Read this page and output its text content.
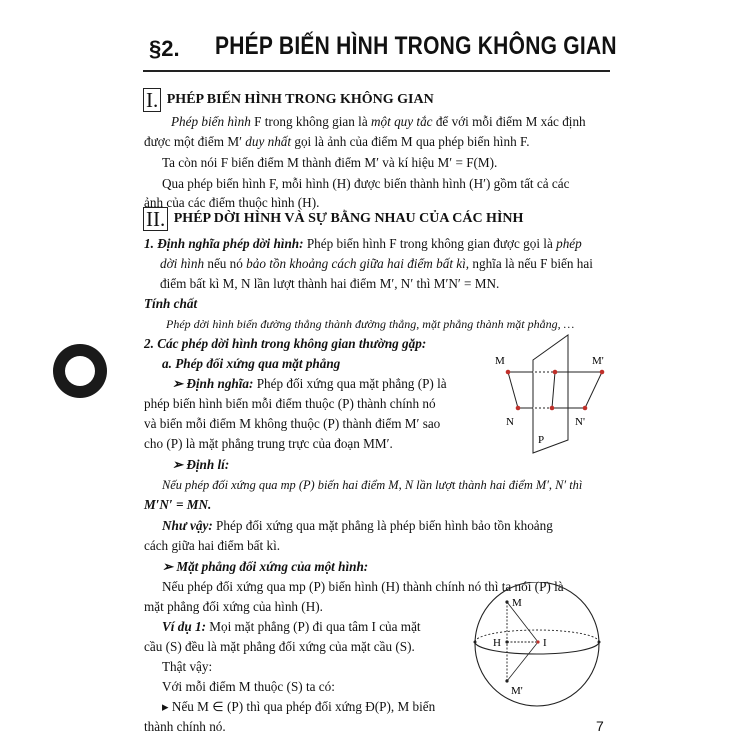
§2. PHÉP BIẾN HÌNH TRONG KHÔNG GIAN
I. PHÉP BIẾN HÌNH TRONG KHÔNG GIAN
Phép biến hình F trong không gian là một quy tắc để với mỗi điểm M xác định
được một điểm M′ duy nhất gọi là ảnh của điểm M qua phép biến hình F.
Ta còn nói F biến điểm M thành điểm M′ và kí hiệu M′ = F(M).
Qua phép biến hình F, mỗi hình (H) được biến thành hình (H′) gồm tất cả các
ảnh của các điểm thuộc hình (H).
II. PHÉP DỜI HÌNH VÀ SỰ BẰNG NHAU CỦA CÁC HÌNH
1. Định nghĩa phép dời hình: Phép biến hình F trong không gian được gọi là phép
dời hình nếu nó bảo tồn khoảng cách giữa hai điểm bất kì, nghĩa là nếu F biến hai
điểm bất kì M, N lần lượt thành hai điểm M′, N′ thì M′N′ = MN.
Tính chất
Phép dời hình biến đường thẳng thành đường thẳng, mặt phẳng thành mặt phẳng, …
2. Các phép dời hình trong không gian thường gặp:
a. Phép đối xứng qua mặt phẳng
➢ Định nghĩa: Phép đối xứng qua mặt phẳng (P) là
phép biến hình biến mỗi điểm thuộc (P) thành chính nó
và biến mỗi điểm M không thuộc (P) thành điểm M′ sao
cho (P) là mặt phẳng trung trực của đoạn MM′.
➢ Định lí:
Nếu phép đối xứng qua mp (P) biến hai điểm M, N lần lượt thành hai điểm M′, N′ thì
M′N′ = MN.
Như vậy: Phép đối xứng qua mặt phẳng là phép biến hình bảo tồn khoảng
cách giữa hai điểm bất kì.
➢ Mặt phẳng đối xứng của một hình:
Nếu phép đối xứng qua mp (P) biến hình (H) thành chính nó thì ta nói (P) là
mặt phẳng đối xứng của hình (H).
Ví dụ 1: Mọi mặt phẳng (P) đi qua tâm I của mặt
cầu (S) đều là mặt phẳng đối xứng của mặt cầu (S).
Thật vậy:
Với mỗi điểm M thuộc (S) ta có:
▸ Nếu M ∈ (P) thì qua phép đối xứng Đ(P), M biến
thành chính nó.
M	M'
N	N'
P
M
M'
H	I
7
